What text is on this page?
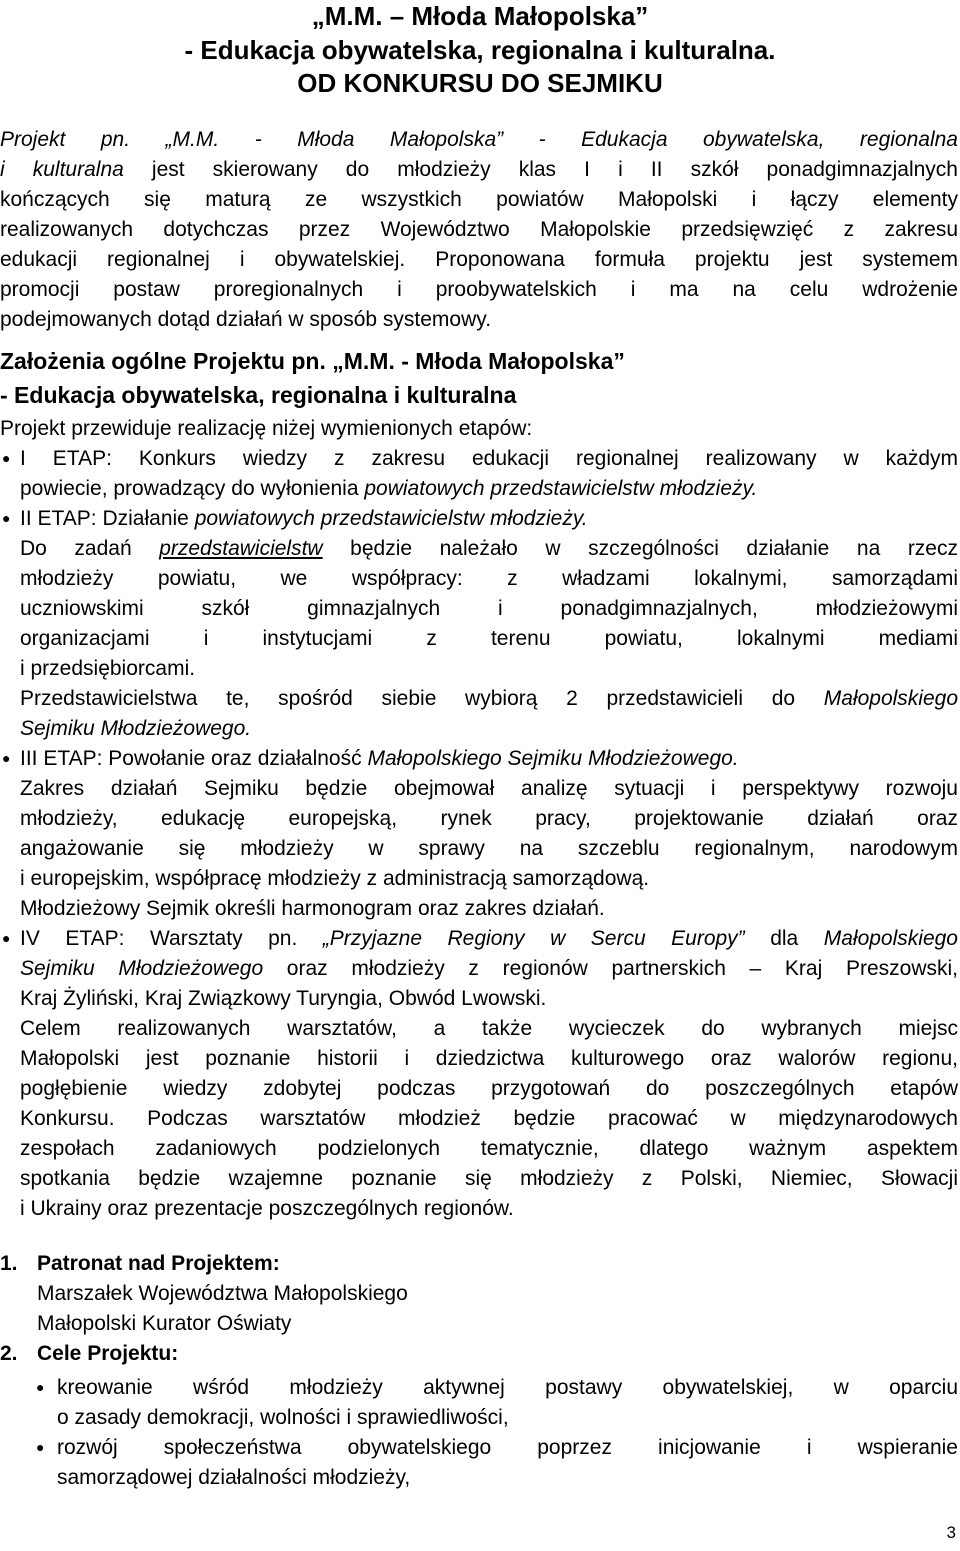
„M.M. – Młoda Małopolska”
- Edukacja obywatelska, regionalna i kulturalna.
OD KONKURSU DO SEJMIKU
Projekt pn. „M.M. - Młoda Małopolska” - Edukacja obywatelska, regionalna
i kulturalna jest skierowany do młodzieży klas I i II szkół ponadgimnazjalnych
kończących się maturą ze wszystkich powiatów Małopolski i łączy elementy
realizowanych dotychczas przez Województwo Małopolskie przedsięwzięć z zakresu
edukacji regionalnej i obywatelskiej. Proponowana formuła projektu jest systemem
promocji postaw proregionalnych i proobywatelskich i ma na celu wdrożenie
podejmowanych dotąd działań w sposób systemowy.
Założenia ogólne Projektu pn. „M.M. - Młoda Małopolska”
- Edukacja obywatelska, regionalna i kulturalna
Projekt przewiduje realizację niżej wymienionych etapów:
● I ETAP: Konkurs wiedzy z zakresu edukacji regionalnej realizowany w każdym
powiecie, prowadzący do wyłonienia powiatowych przedstawicielstw młodzieży.
● II ETAP: Działanie powiatowych przedstawicielstw młodzieży.
Do zadań przedstawicielstw będzie należało w szczególności działanie na rzecz
młodzieży powiatu, we współpracy: z władzami lokalnymi, samorządami
uczniowskimi szkół gimnazjalnych i ponadgimnazjalnych, młodzieżowymi
organizacjami i instytucjami z terenu powiatu, lokalnymi mediami
i przedsiębiorcami.
Przedstawicielstwa te, spośród siebie wybiorą 2 przedstawicieli do Małopolskiego
Sejmiku Młodzieżowego.
● III ETAP: Powołanie oraz działalność Małopolskiego Sejmiku Młodzieżowego.
Zakres działań Sejmiku będzie obejmował analizę sytuacji i perspektywy rozwoju
młodzieży, edukację europejską, rynek pracy, projektowanie działań oraz
angażowanie się młodzieży w sprawy na szczeblu regionalnym, narodowym
i europejskim, współpracę młodzieży z administracją samorządową.
Młodzieżowy Sejmik określi harmonogram oraz zakres działań.
● IV ETAP: Warsztaty pn. „Przyjazne Regiony w Sercu Europy” dla Małopolskiego
Sejmiku Młodzieżowego oraz młodzieży z regionów partnerskich – Kraj Preszowski,
Kraj Żyliński, Kraj Związkowy Turyngia, Obwód Lwowski.
Celem realizowanych warsztatów, a także wycieczek do wybranych miejsc
Małopolski jest poznanie historii i dziedzictwa kulturowego oraz walorów regionu,
pogłębienie wiedzy zdobytej podczas przygotowań do poszczególnych etapów
Konkursu. Podczas warsztatów młodzież będzie pracować w międzynarodowych
zespołach zadaniowych podzielonych tematycznie, dlatego ważnym aspektem
spotkania będzie wzajemne poznanie się młodzieży z Polski, Niemiec, Słowacji
i Ukrainy oraz prezentacje poszczególnych regionów.
1. Patronat nad Projektem:
Marszałek Województwa Małopolskiego
Małopolski Kurator Oświaty
2. Cele Projektu:
● kreowanie wśród młodzieży aktywnej postawy obywatelskiej, w oparciu
o zasady demokracji, wolności i sprawiedliwości,
● rozwój społeczeństwa obywatelskiego poprzez inicjowanie i wspieranie
samorządowej działalności młodzieży,
3
